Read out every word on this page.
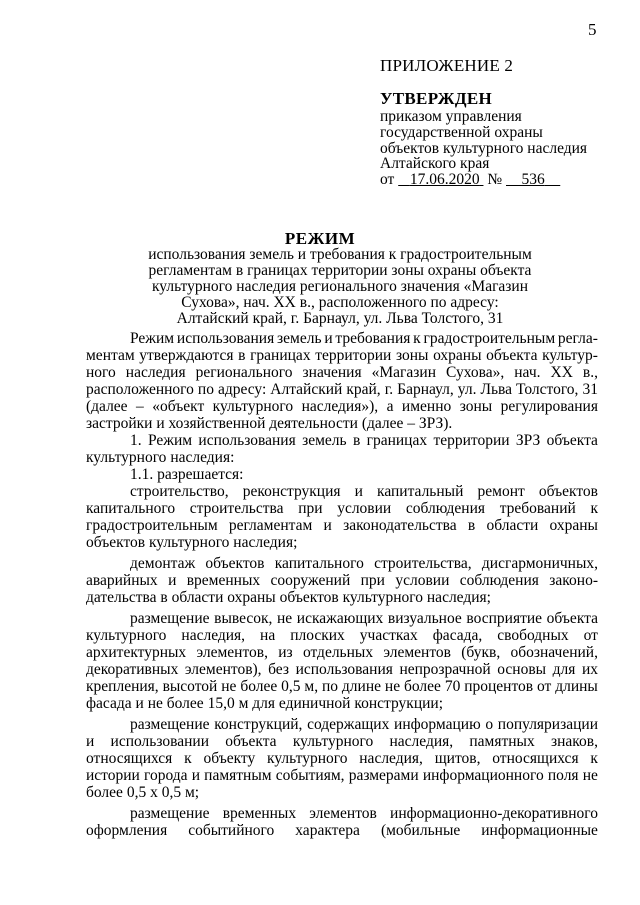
5
ПРИЛОЖЕНИЕ 2
УТВЕРЖДЕН
приказом управления
государственной охраны
объектов культурного наследия
Алтайского края
от 17.06.2020 № 536
РЕЖИМ
использования земель и требования к градостроительным
регламентам в границах территории зоны охраны объекта
культурного наследия регионального значения «Магазин
Сухова», нач. ХХ в., расположенного по адресу:
Алтайский край, г. Барнаул, ул. Льва Толстого, 31
Режим использования земель и требования к градостроительным регла-
ментам утверждаются в границах территории зоны охраны объекта культур-
ного наследия регионального значения «Магазин Сухова», нач. ХХ в.,
расположенного по адресу: Алтайский край, г. Барнаул, ул. Льва Толстого, 31
(далее – «объект культурного наследия»), а именно зоны регулирования
застройки и хозяйственной деятельности (далее – ЗРЗ).
1. Режим использования земель в границах территории ЗРЗ объекта
культурного наследия:
1.1. разрешается:
строительство, реконструкция и капитальный ремонт объектов
капитального строительства при условии соблюдения требований к
градостроительным регламентам и законодательства в области охраны
объектов культурного наследия;
демонтаж объектов капитального строительства, дисгармоничных,
аварийных и временных сооружений при условии соблюдения законо-
дательства в области охраны объектов культурного наследия;
размещение вывесок, не искажающих визуальное восприятие объекта
культурного наследия, на плоских участках фасада, свободных от
архитектурных элементов, из отдельных элементов (букв, обозначений,
декоративных элементов), без использования непрозрачной основы для их
крепления, высотой не более 0,5 м, по длине не более 70 процентов от длины
фасада и не более 15,0 м для единичной конструкции;
размещение конструкций, содержащих информацию о популяризации
и использовании объекта культурного наследия, памятных знаков,
относящихся к объекту культурного наследия, щитов, относящихся к
истории города и памятным событиям, размерами информационного поля не
более 0,5 х 0,5 м;
размещение временных элементов информационно-декоративного
оформления событийного характера (мобильные информационные
